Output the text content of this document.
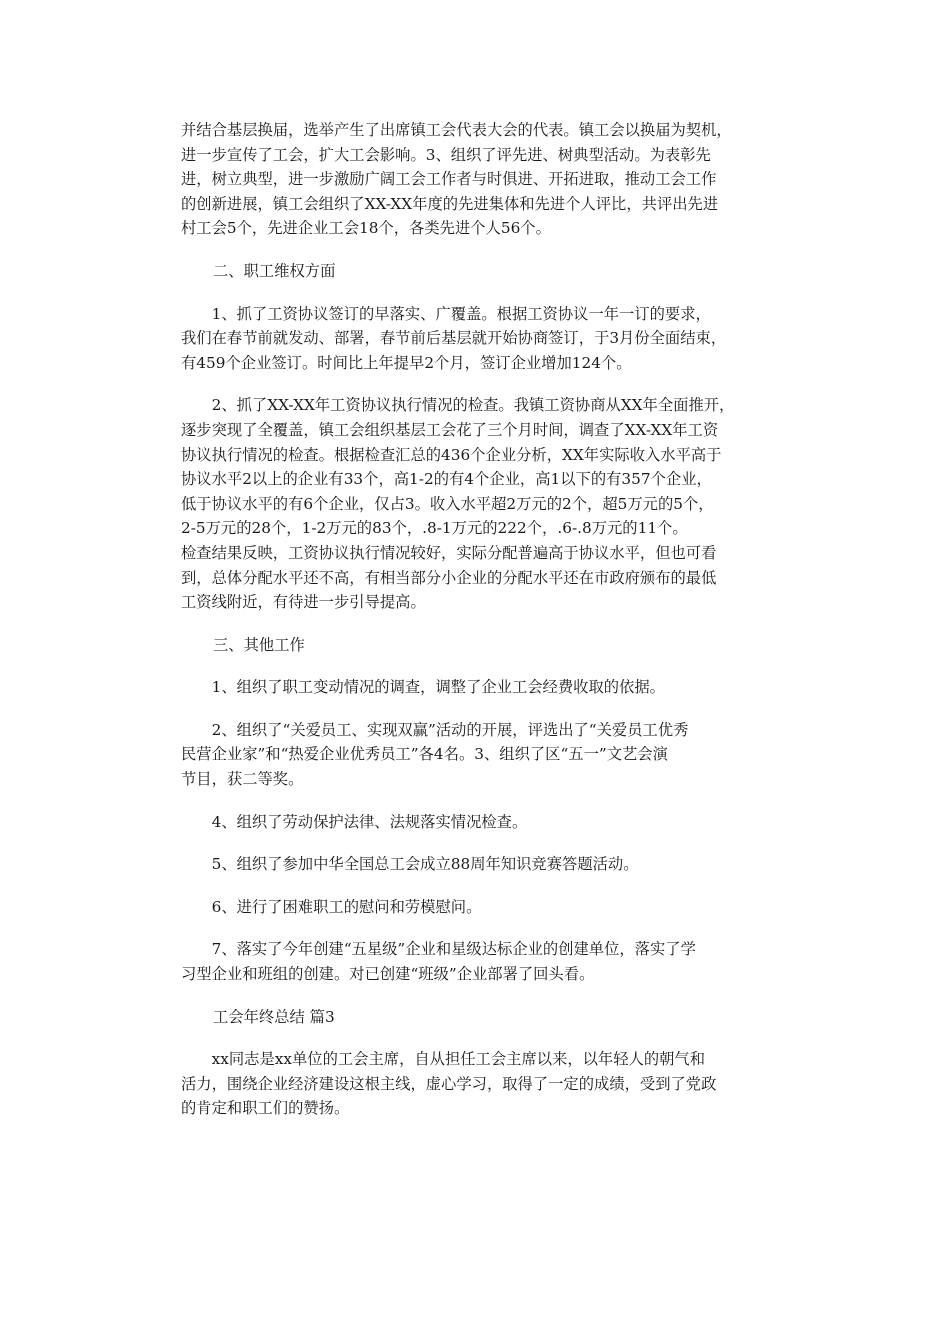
并结合基层换届，选举产生了出席镇工会代表大会的代表。镇工会以换届为契机，
进一步宣传了工会，扩大工会影响。3、组织了评先进、树典型活动。为表彰先
进，树立典型，进一步激励广阔工会工作者与时俱进、开拓进取，推动工会工作
的创新进展，镇工会组织了XX-XX年度的先进集体和先进个人评比，共评出先进
村工会5个，先进企业工会18个，各类先进个人56个。
二、职工维权方面
　　1、抓了工资协议签订的早落实、广覆盖。根据工资协议一年一订的要求，
我们在春节前就发动、部署，春节前后基层就开始协商签订，于3月份全面结束，
有459个企业签订。时间比上年提早2个月，签订企业增加124个。
　　2、抓了XX-XX年工资协议执行情况的检查。我镇工资协商从XX年全面推开，
逐步突现了全覆盖，镇工会组织基层工会花了三个月时间，调查了XX-XX年工资
协议执行情况的检查。根据检查汇总的436个企业分析，XX年实际收入水平高于
协议水平2以上的企业有33个，高1-2的有4个企业，高1以下的有357个企业，
低于协议水平的有6个企业，仅占3。收入水平超2万元的2个，超5万元的5个，
2-5万元的28个，1-2万元的83个，.8-1万元的222个，.6-.8万元的11个。
检查结果反映，工资协议执行情况较好，实际分配普遍高于协议水平，但也可看
到，总体分配水平还不高，有相当部分小企业的分配水平还在市政府颁布的最低
工资线附近，有待进一步引导提高。
三、其他工作
　　1、组织了职工变动情况的调查，调整了企业工会经费收取的依据。
　　2、组织了“关爱员工、实现双赢”活动的开展，评选出了“关爱员工优秀
民营企业家”和“热爱企业优秀员工”各4名。3、组织了区“五一”文艺会演
节目，获二等奖。
　　4、组织了劳动保护法律、法规落实情况检查。
　　5、组织了参加中华全国总工会成立88周年知识竞赛答题活动。
　　6、进行了困难职工的慰问和劳模慰问。
　　7、落实了今年创建“五星级”企业和星级达标企业的创建单位，落实了学
习型企业和班组的创建。对已创建“班级”企业部署了回头看。
工会年终总结 篇3
　　xx同志是xx单位的工会主席，自从担任工会主席以来，以年轻人的朝气和
活力，围绕企业经济建设这根主线，虚心学习，取得了一定的成绩，受到了党政
的肯定和职工们的赞扬。
